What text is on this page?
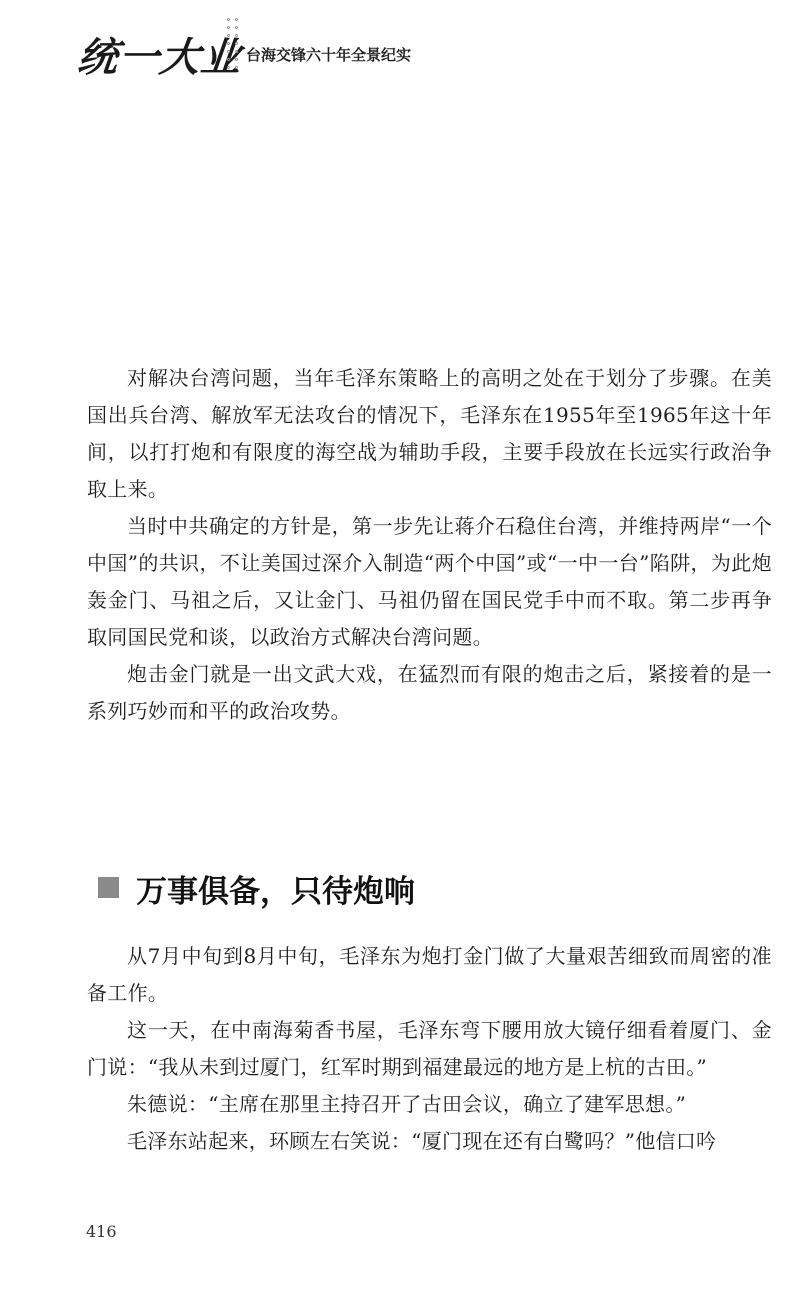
统一大业 台海交锋六十年全景纪实

对解决台湾问题，当年毛泽东策略上的高明之处在于划分了步骤。在美国出兵台湾、解放军无法攻台的情况下，毛泽东在1955年至1965年这十年间，以打打炮和有限度的海空战为辅助手段，主要手段放在长远实行政治争取上来。

当时中共确定的方针是，第一步先让蒋介石稳住台湾，并维持两岸“一个中国”的共识，不让美国过深介入制造“两个中国”或“一中一台”陷阱，为此炮轰金门、马祖之后，又让金门、马祖仍留在国民党手中而不取。第二步再争取同国民党和谈，以政治方式解决台湾问题。

炮击金门就是一出文武大戏，在猛烈而有限的炮击之后，紧接着的是一系列巧妙而和平的政治攻势。

万事俱备，只待炮响

从7月中旬到8月中旬，毛泽东为炮打金门做了大量艰苦细致而周密的准备工作。

这一天，在中南海菊香书屋，毛泽东弯下腰用放大镜仔细看着厦门、金门说：“我从未到过厦门，红军时期到福建最远的地方是上杭的古田。”

朱德说：“主席在那里主持召开了古田会议，确立了建军思想。”

毛泽东站起来，环顾左右笑说：“厦门现在还有白鹭吗？”他信口吟

416
